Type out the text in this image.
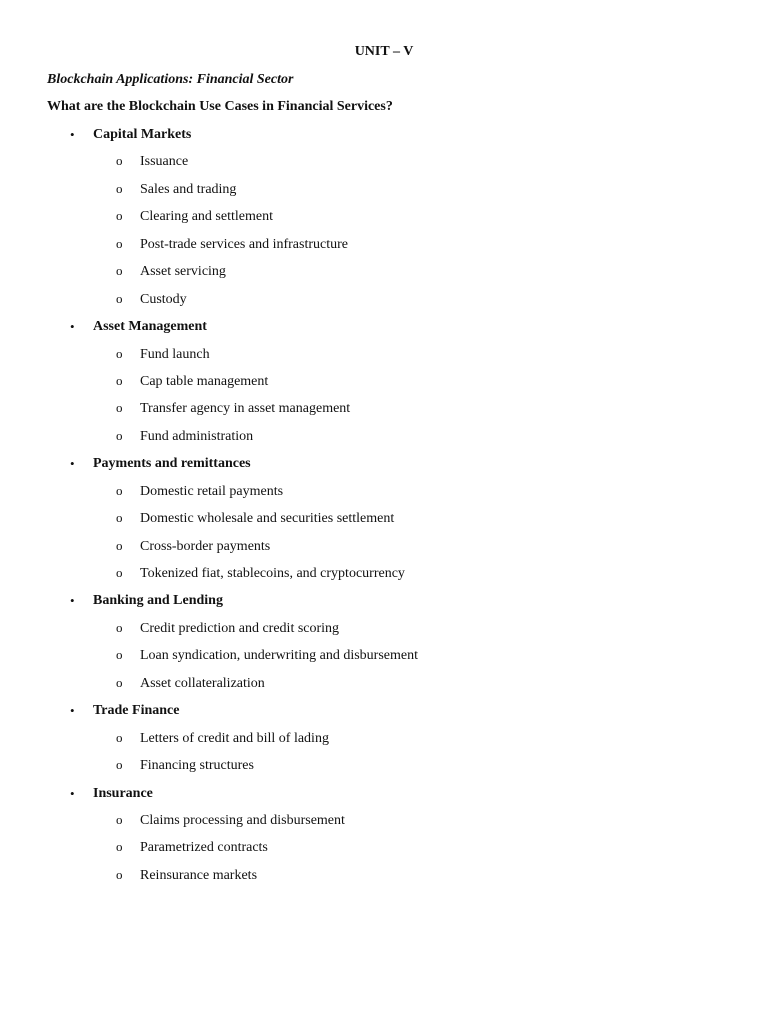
UNIT – V
Blockchain Applications: Financial Sector
What are the Blockchain Use Cases in Financial Services?
• Capital Markets
o Issuance
o Sales and trading
o Clearing and settlement
o Post-trade services and infrastructure
o Asset servicing
o Custody
• Asset Management
o Fund launch
o Cap table management
o Transfer agency in asset management
o Fund administration
• Payments and remittances
o Domestic retail payments
o Domestic wholesale and securities settlement
o Cross-border payments
o Tokenized fiat, stablecoins, and cryptocurrency
• Banking and Lending
o Credit prediction and credit scoring
o Loan syndication, underwriting and disbursement
o Asset collateralization
• Trade Finance
o Letters of credit and bill of lading
o Financing structures
• Insurance
o Claims processing and disbursement
o Parametrized contracts
o Reinsurance markets
